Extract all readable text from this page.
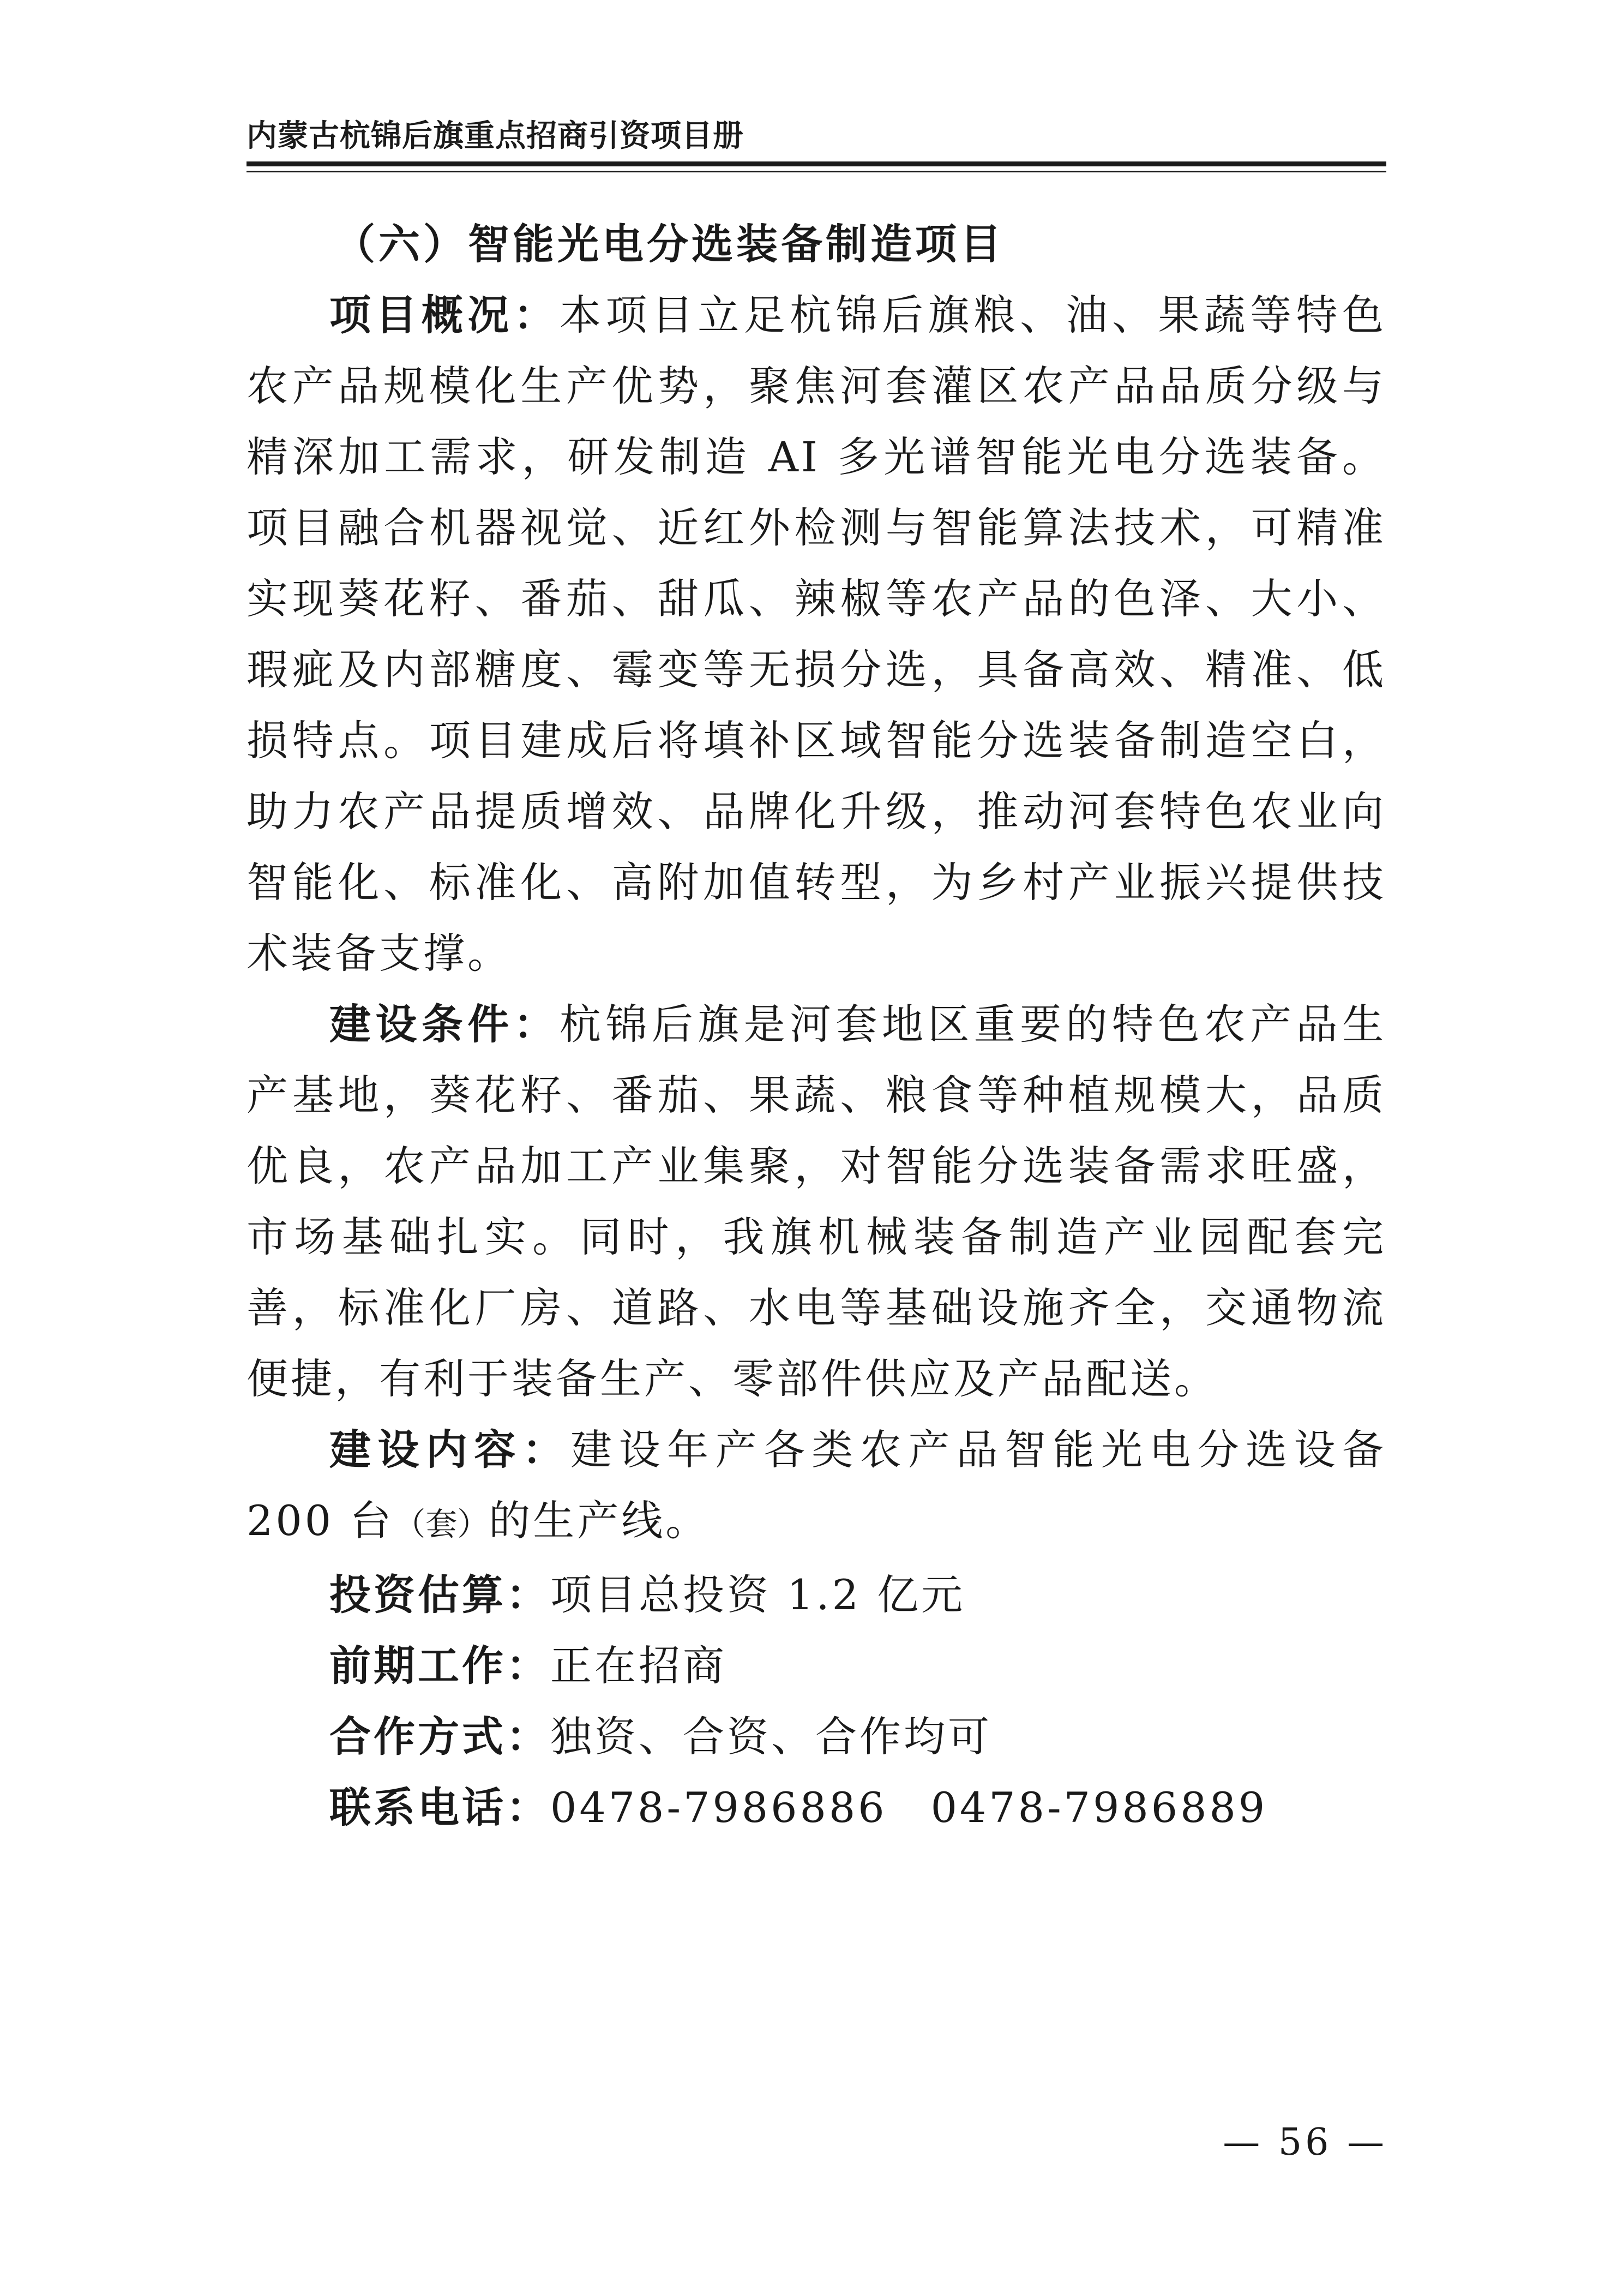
内蒙古杭锦后旗重点招商引资项目册
（六）智能光电分选装备制造项目

项目概况：本项目立足杭锦后旗粮、油、果蔬等特色农产品规模化生产优势，聚焦河套灌区农产品品质分级与精深加工需求，研发制造 AI 多光谱智能光电分选装备。项目融合机器视觉、近红外检测与智能算法技术，可精准实现葵花籽、番茄、甜瓜、辣椒等农产品的色泽、大小、瑕疵及内部糖度、霉变等无损分选，具备高效、精准、低损特点。项目建成后将填补区域智能分选装备制造空白，助力农产品提质增效、品牌化升级，推动河套特色农业向智能化、标准化、高附加值转型，为乡村产业振兴提供技术装备支撑。

建设条件：杭锦后旗是河套地区重要的特色农产品生产基地，葵花籽、番茄、果蔬、粮食等种植规模大，品质优良，农产品加工产业集聚，对智能分选装备需求旺盛，市场基础扎实。同时，我旗机械装备制造产业园配套完善，标准化厂房、道路、水电等基础设施齐全，交通物流便捷，有利于装备生产、零部件供应及产品配送。

建设内容：建设年产各类农产品智能光电分选设备 200 台（套）的生产线。

投资估算：项目总投资 1.2 亿元

前期工作：正在招商

合作方式：独资、合资、合作均可

联系电话：0478-7986886 0478-7986889

— 56 —
